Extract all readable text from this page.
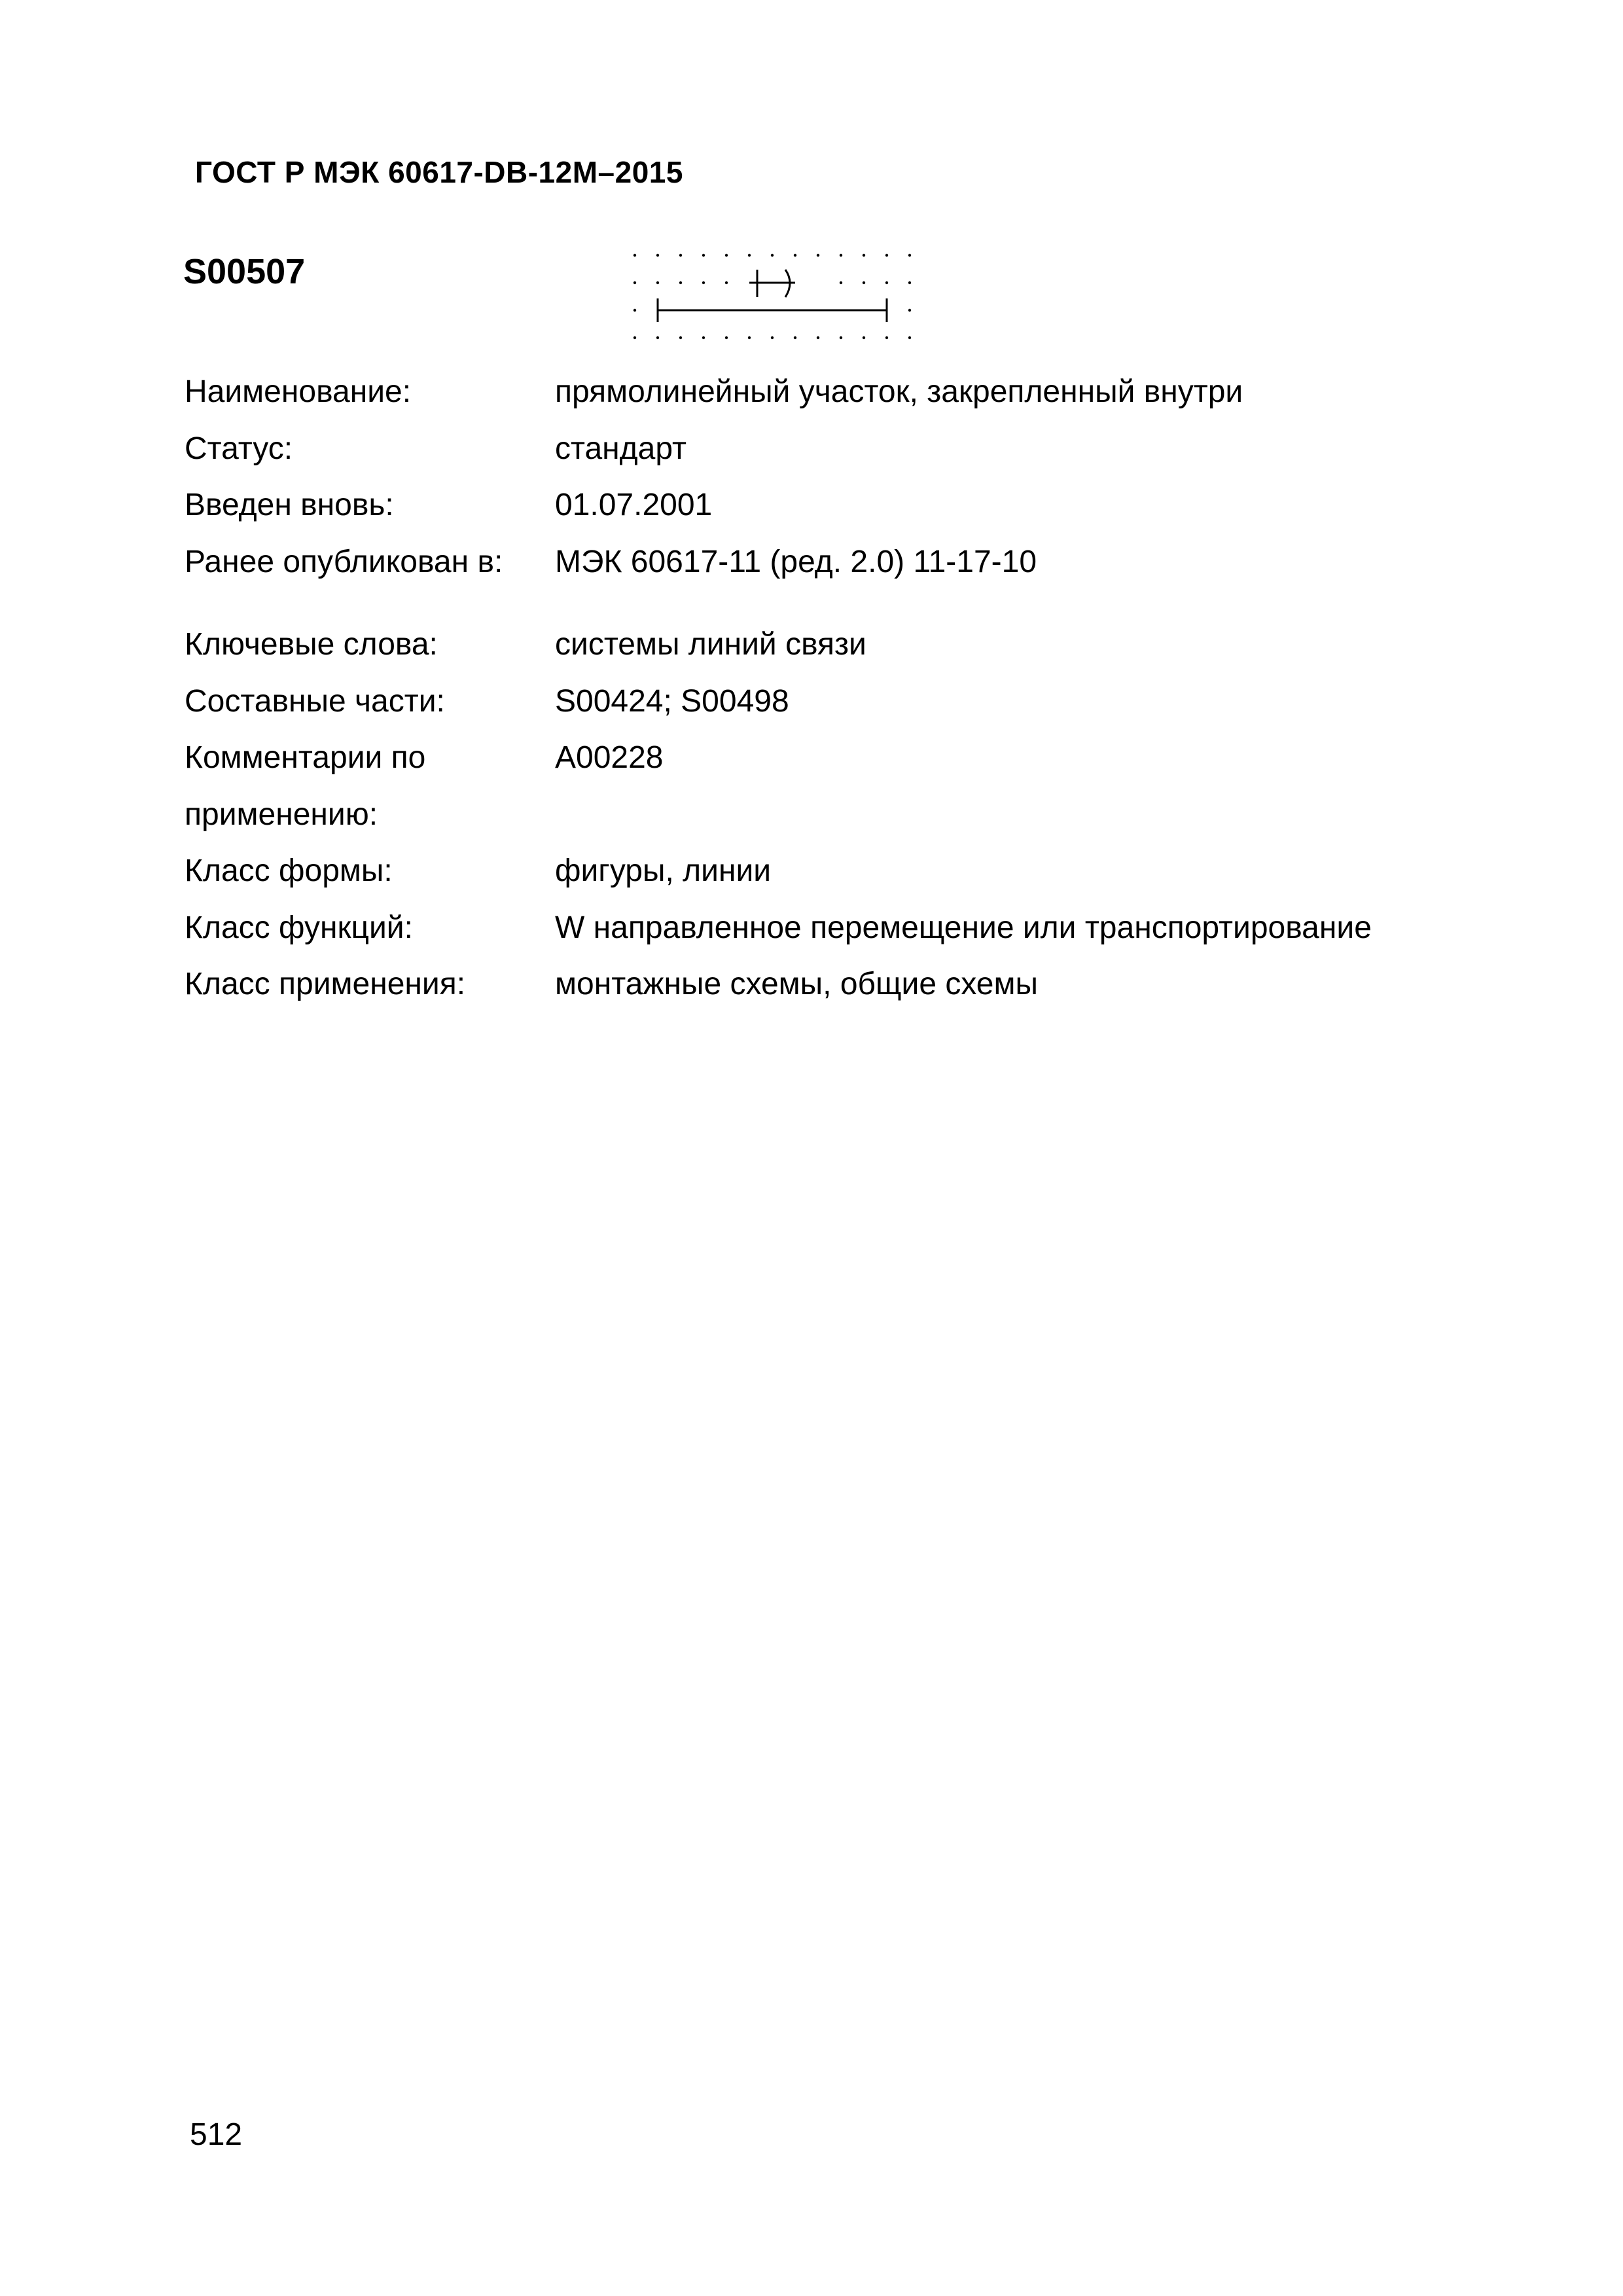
ГОСТ Р МЭК 60617-DB-12M–2015
S00507
Наименование:	прямолинейный участок, закрепленный внутри
Статус:	стандарт
Введен вновь:	01.07.2001
Ранее опубликован в:	МЭК 60617-11 (ред. 2.0) 11-17-10
Ключевые слова:	системы линий связи
Составные части:	S00424; S00498
Комментарии по	A00228
применению:	
Класс формы:	фигуры, линии
Класс функций:	W направленное перемещение или транспортирование
Класс применения:	монтажные схемы, общие схемы
512
